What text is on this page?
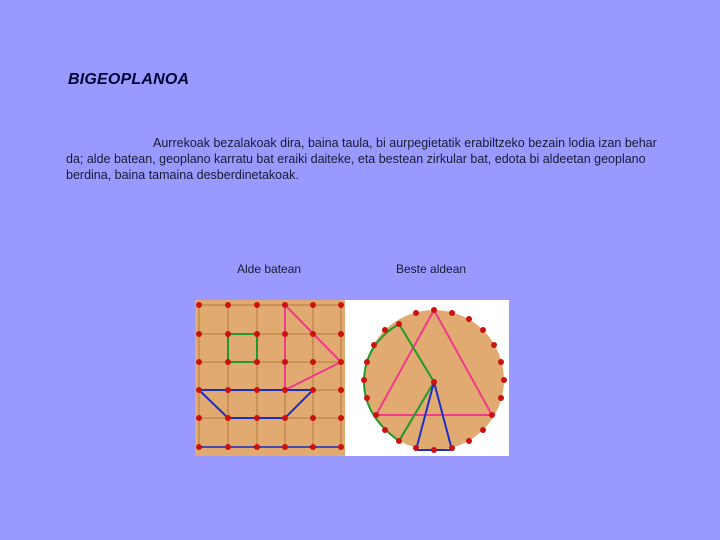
BIGEOPLANOA
Aurrekoak bezalakoak dira, baina taula, bi aurpegietatik erabiltzeko bezain lodia izan behar da; alde batean, geoplano karratu bat eraiki daiteke, eta bestean zirkular bat, edota bi aldeetan geoplano berdina, baina tamaina desberdinetakoak.
Alde batean	Beste aldean
